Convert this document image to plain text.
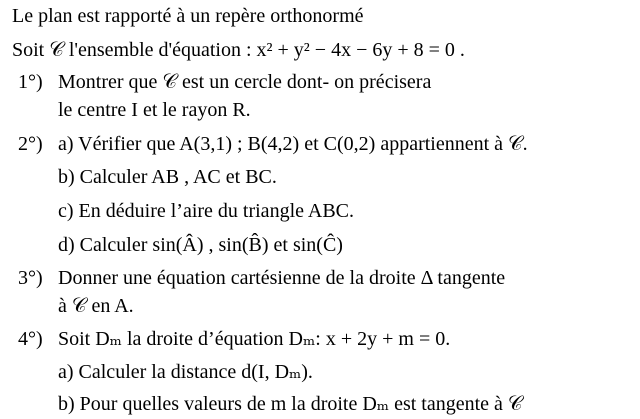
Le plan est rapporté à un repère orthonormé
Soit 𝒞 l'ensemble d'équation : x² + y² − 4x − 6y + 8 = 0 .
1°) Montrer que 𝒞 est un cercle dont- on précisera
le centre I et le rayon R.
2°) a) Vérifier que A(3,1) ; B(4,2) et C(0,2) appartiennent à 𝒞.
b) Calculer AB , AC et BC.
c) En déduire l’aire du triangle ABC.
d) Calculer sin(Â) , sin(B̂) et sin(Ĉ)
3°) Donner une équation cartésienne de la droite Δ tangente
à 𝒞 en A.
4°) Soit Dₘ la droite d’équation Dₘ: x + 2y + m = 0.
a) Calculer la distance d(I, Dₘ).
b) Pour quelles valeurs de m la droite Dₘ est tangente à 𝒞
